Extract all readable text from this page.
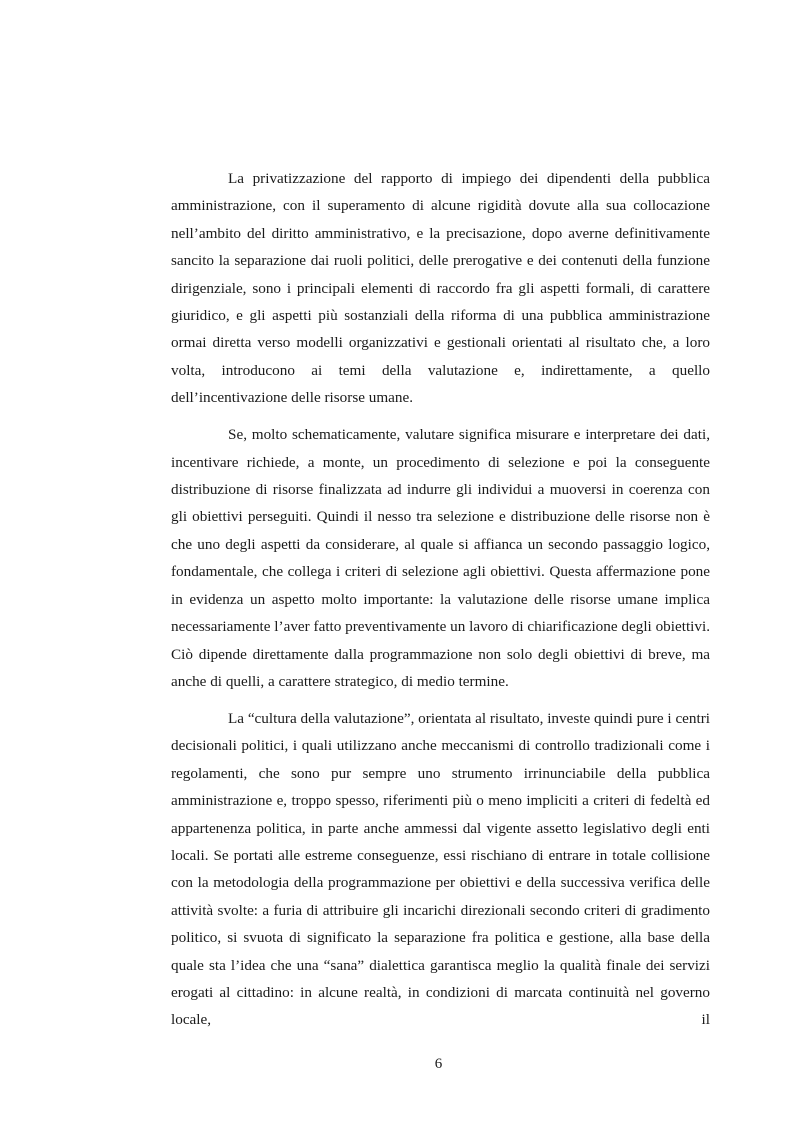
La privatizzazione del rapporto di impiego dei dipendenti della pubblica amministrazione, con il superamento di alcune rigidità dovute alla sua collocazione nell’ambito del diritto amministrativo, e la precisazione, dopo averne definitivamente sancito la separazione dai ruoli politici, delle prerogative e dei contenuti della funzione dirigenziale, sono i principali elementi di raccordo fra gli aspetti formali, di carattere giuridico, e gli aspetti più sostanziali della riforma di una pubblica amministrazione ormai diretta verso modelli organizzativi e gestionali orientati al risultato che, a loro volta, introducono ai temi della valutazione e, indirettamente, a quello dell’incentivazione delle risorse umane.

Se, molto schematicamente, valutare significa misurare e interpretare dei dati, incentivare richiede, a monte, un procedimento di selezione e poi la conseguente distribuzione di risorse finalizzata ad indurre gli individui a muoversi in coerenza con gli obiettivi perseguiti. Quindi il nesso tra selezione e distribuzione delle risorse non è che uno degli aspetti da considerare, al quale si affianca un secondo passaggio logico, fondamentale, che collega i criteri di selezione agli obiettivi. Questa affermazione pone in evidenza un aspetto molto importante: la valutazione delle risorse umane implica necessariamente l’aver fatto preventivamente un lavoro di chiarificazione degli obiettivi. Ciò dipende direttamente dalla programmazione non solo degli obiettivi di breve, ma anche di quelli, a carattere strategico, di medio termine.

La “cultura della valutazione”, orientata al risultato, investe quindi pure i centri decisionali politici, i quali utilizzano anche meccanismi di controllo tradizionali come i regolamenti, che sono pur sempre uno strumento irrinunciabile della pubblica amministrazione e, troppo spesso, riferimenti più o meno impliciti a criteri di fedeltà ed appartenenza politica, in parte anche ammessi dal vigente assetto legislativo degli enti locali. Se portati alle estreme conseguenze, essi rischiano di entrare in totale collisione con la metodologia della programmazione per obiettivi e della successiva verifica delle attività svolte: a furia di attribuire gli incarichi direzionali secondo criteri di gradimento politico, si svuota di significato la separazione fra politica e gestione, alla base della quale sta l’idea che una “sana” dialettica garantisca meglio la qualità finale dei servizi erogati al cittadino: in alcune realtà, in condizioni di marcata continuità nel governo locale, il

6
